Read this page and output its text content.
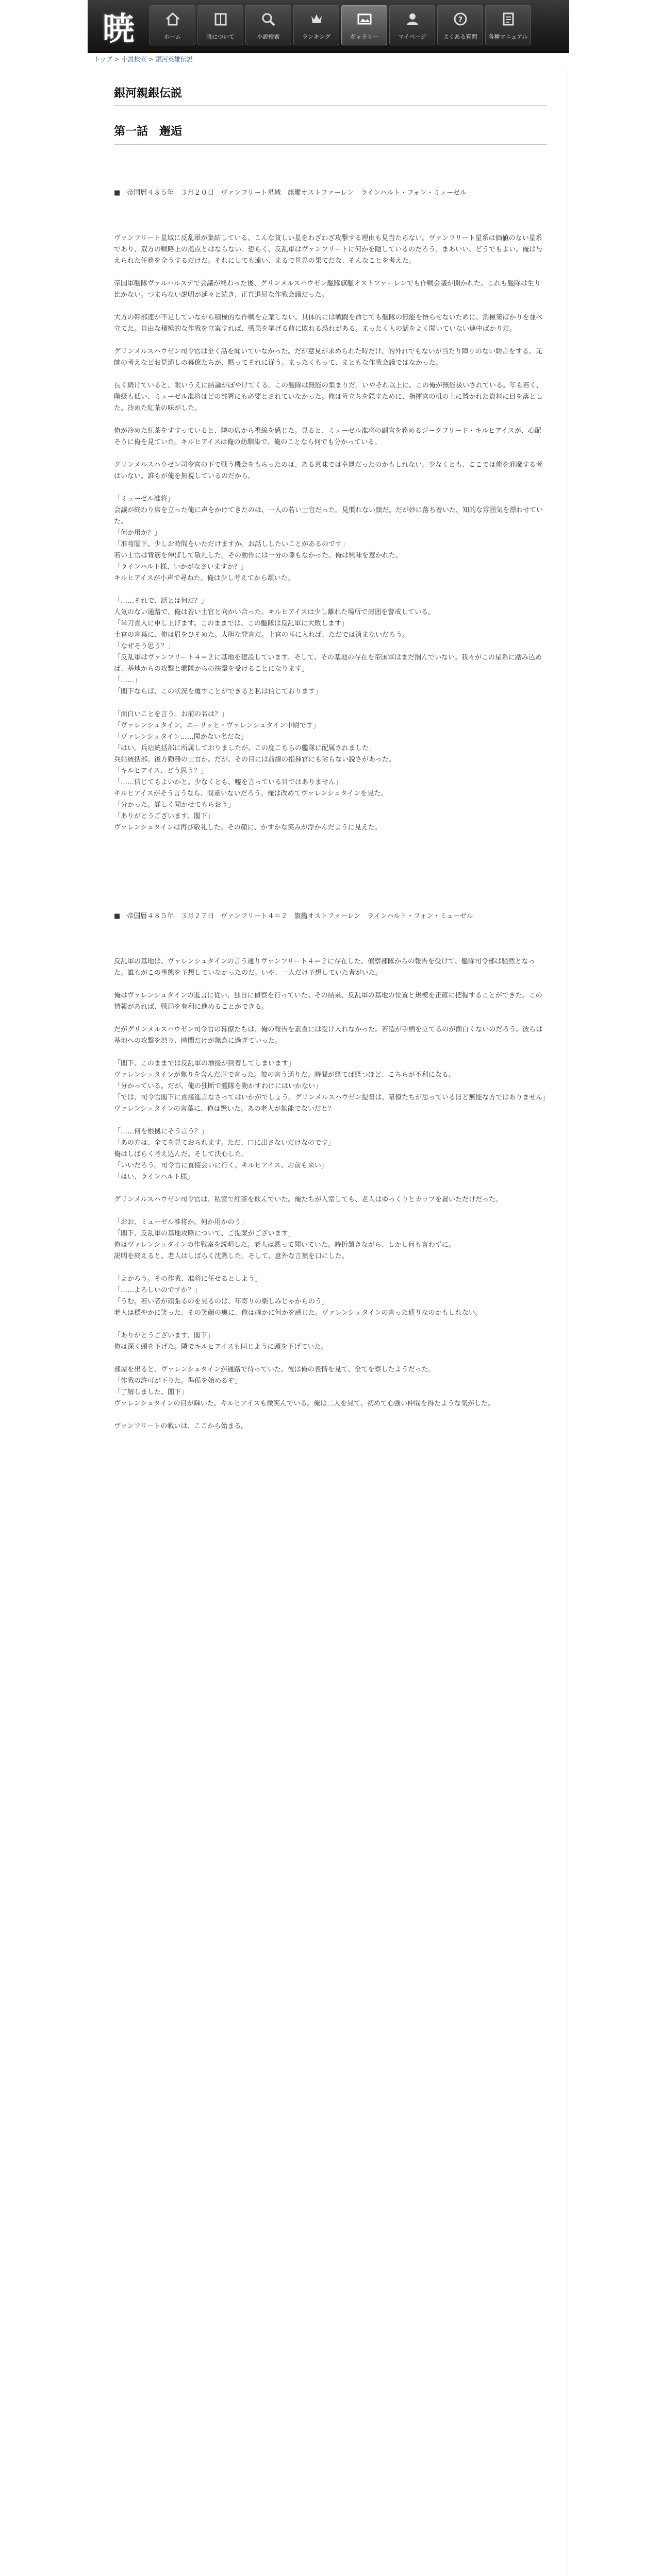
暁	ホーム	暁について	小説検索	ランキング	ギャラリー	マイページ
?
よくある質問 各種マニュアル
トップ > 小説検索 > 銀河英雄伝説
銀河親銀伝説
第一話　邂逅

■　帝国暦４８５年　３月２０日　ヴァンフリート星域　旗艦オストファーレン　ラインハルト・フォン・ミューゼル

ヴァンフリート星域に反乱軍が集結している。こんな貧しい星をわざわざ攻撃する理由も見当たらない。ヴァンフリート星系は価値のない星系であり、双方の戦略上の拠点とはならない。恐らく、反乱軍はヴァンフリートに何かを隠しているのだろう。まあいい、どうでもよい。俺は与えられた任務を全うするだけだ。それにしても遠い、まるで世界の果てだな、そんなことを考えた。

帝国軍艦隊ヴァルハルスデで会議が終わった後、グリンメルスハウゼン艦隊旗艦オストファーレンでも作戦会議が開かれた。これも艦隊は生り比かない。つまらない説明が延々と続き、正直退屈な作戦会議だった。

大方の幹部連が不足していながら積極的な作戦を立案しない。具体的には戦闘を命じても艦隊の無能を悟らせないために、消極策ばかりを並べ立てた。自由な積極的な作戦を立案すれば、戦果を挙げる前に敗れる恐れがある。まったく人の話をよく聞いていない連中ばかりだ。

グリンメルスハウゼン司令官は全く話を聞いていなかった。だが意見が求められた時だけ、的外れでもないが当たり障りのない助言をする。元帥の考えなどお見通しの幕僚たちが、黙ってそれに従う。まったくもって、まともな作戦会議ではなかった。

長く続けていると、眠いうえに結論がぼやけてくる。この艦隊は無能の集まりだ。いやそれ以上に、この俺が無能扱いされている。年も若く、階級も低い、ミューゼル准将はどの部署にも必要とされていなかった。俺は苛立ちを隠すために、指揮官の机の上に置かれた資料に目を落とした。冷めた紅茶の味がした。

俺が冷めた紅茶をすすっていると、隣の席から視線を感じた。見ると、ミューゼル准将の副官を務めるジークフリード・キルヒアイスが、心配そうに俺を見ていた。キルヒアイスは俺の幼馴染で、俺のことなら何でも分かっている。

グリンメルスハウゼン司令官の下で戦う機会をもらったのは、ある意味では幸運だったのかもしれない。少なくとも、ここでは俺を邪魔する者はいない。誰もが俺を無視しているのだから。

「ミューゼル准将」

会議が終わり席を立った俺に声をかけてきたのは、一人の若い士官だった。見慣れない顔だ。だが妙に落ち着いた、知的な雰囲気を漂わせていた。

「何か用か？」

「准将閣下、少しお時間をいただけますか。お話ししたいことがあるのです」

若い士官は背筋を伸ばして敬礼した。その動作には一分の隙もなかった。俺は興味を惹かれた。

「ラインハルト様、いかがなさいますか？」

キルヒアイスが小声で尋ねた。俺は少し考えてから頷いた。

「……それで、話とは何だ？」

人気のない通路で、俺は若い士官と向かい合った。キルヒアイスは少し離れた場所で周囲を警戒している。

「単刀直入に申し上げます。このままでは、この艦隊は反乱軍に大敗します」

士官の言葉に、俺は眉をひそめた。大胆な発言だ。上官の耳に入れば、ただでは済まないだろう。

「なぜそう思う？」

「反乱軍はヴァンフリート４＝２に基地を建設しています。そして、その基地の存在を帝国軍はまだ掴んでいない。我々がこの星系に踏み込めば、基地からの攻撃と艦隊からの挟撃を受けることになります」

「……」

「閣下ならば、この状況を覆すことができると私は信じております」

「面白いことを言う。お前の名は？」

「ヴァレンシュタイン。エーリッヒ・ヴァレンシュタイン中尉です」

「ヴァレンシュタイン……聞かない名だな」

「はい。兵站統括部に所属しておりましたが、この度こちらの艦隊に配属されました」

兵站統括部。後方勤務の士官か。だが、その目には前線の指揮官にも劣らない鋭さがあった。

「キルヒアイス、どう思う？」

「……信じてもよいかと。少なくとも、嘘を言っている目ではありません」

キルヒアイスがそう言うなら、間違いないだろう。俺は改めてヴァレンシュタインを見た。

「分かった。詳しく聞かせてもらおう」

「ありがとうございます、閣下」

ヴァレンシュタインは再び敬礼した。その顔に、かすかな笑みが浮かんだように見えた。

■　帝国暦４８５年　３月２７日　ヴァンフリート４＝２　旗艦オストファーレン　ラインハルト・フォン・ミューゼル

反乱軍の基地は、ヴァレンシュタインの言う通りヴァンフリート４＝２に存在した。偵察部隊からの報告を受けて、艦隊司令部は騒然となった。誰もがこの事態を予想していなかったのだ。いや、一人だけ予想していた者がいた。

俺はヴァレンシュタインの進言に従い、独自に偵察を行っていた。その結果、反乱軍の基地の位置と規模を正確に把握することができた。この情報があれば、戦局を有利に進めることができる。

だがグリンメルスハウゼン司令官の幕僚たちは、俺の報告を素直には受け入れなかった。若造が手柄を立てるのが面白くないのだろう。彼らは基地への攻撃を渋り、時間だけが無為に過ぎていった。

「閣下、このままでは反乱軍の増援が到着してしまいます」

ヴァレンシュタインが焦りを含んだ声で言った。彼の言う通りだ。時間が経てば経つほど、こちらが不利になる。

「分かっている。だが、俺の独断で艦隊を動かすわけにはいかない」

「では、司令官閣下に直接進言なさってはいかがでしょう。グリンメルスハウゼン提督は、幕僚たちが思っているほど無能な方ではありません」

ヴァレンシュタインの言葉に、俺は驚いた。あの老人が無能でないだと？

「……何を根拠にそう言う？」

「あの方は、全てを見ておられます。ただ、口に出さないだけなのです」

俺はしばらく考え込んだ。そして決心した。

「いいだろう。司令官に直接会いに行く。キルヒアイス、お前も来い」

「はい、ラインハルト様」

グリンメルスハウゼン司令官は、私室で紅茶を飲んでいた。俺たちが入室しても、老人はゆっくりとカップを置いただけだった。

「おお、ミューゼル准将か。何か用かのう」

「閣下、反乱軍の基地攻略について、ご提案がございます」

俺はヴァレンシュタインの作戦案を説明した。老人は黙って聞いていた。時折頷きながら、しかし何も言わずに。

説明を終えると、老人はしばらく沈黙した。そして、意外な言葉を口にした。

「よかろう。その作戦、准将に任せるとしよう」

「……よろしいのですか？」

「うむ。若い者が頑張るのを見るのは、年寄りの楽しみじゃからのう」

老人は穏やかに笑った。その笑顔の奥に、俺は確かに何かを感じた。ヴァレンシュタインの言った通りなのかもしれない。

「ありがとうございます、閣下」

俺は深く頭を下げた。隣でキルヒアイスも同じように頭を下げていた。

部屋を出ると、ヴァレンシュタインが通路で待っていた。彼は俺の表情を見て、全てを察したようだった。

「作戦の許可が下りた。準備を始めるぞ」

「了解しました、閣下」

ヴァレンシュタインの目が輝いた。キルヒアイスも微笑んでいる。俺は二人を見て、初めて心強い仲間を得たような気がした。

ヴァンフリートの戦いは、ここから始まる。
